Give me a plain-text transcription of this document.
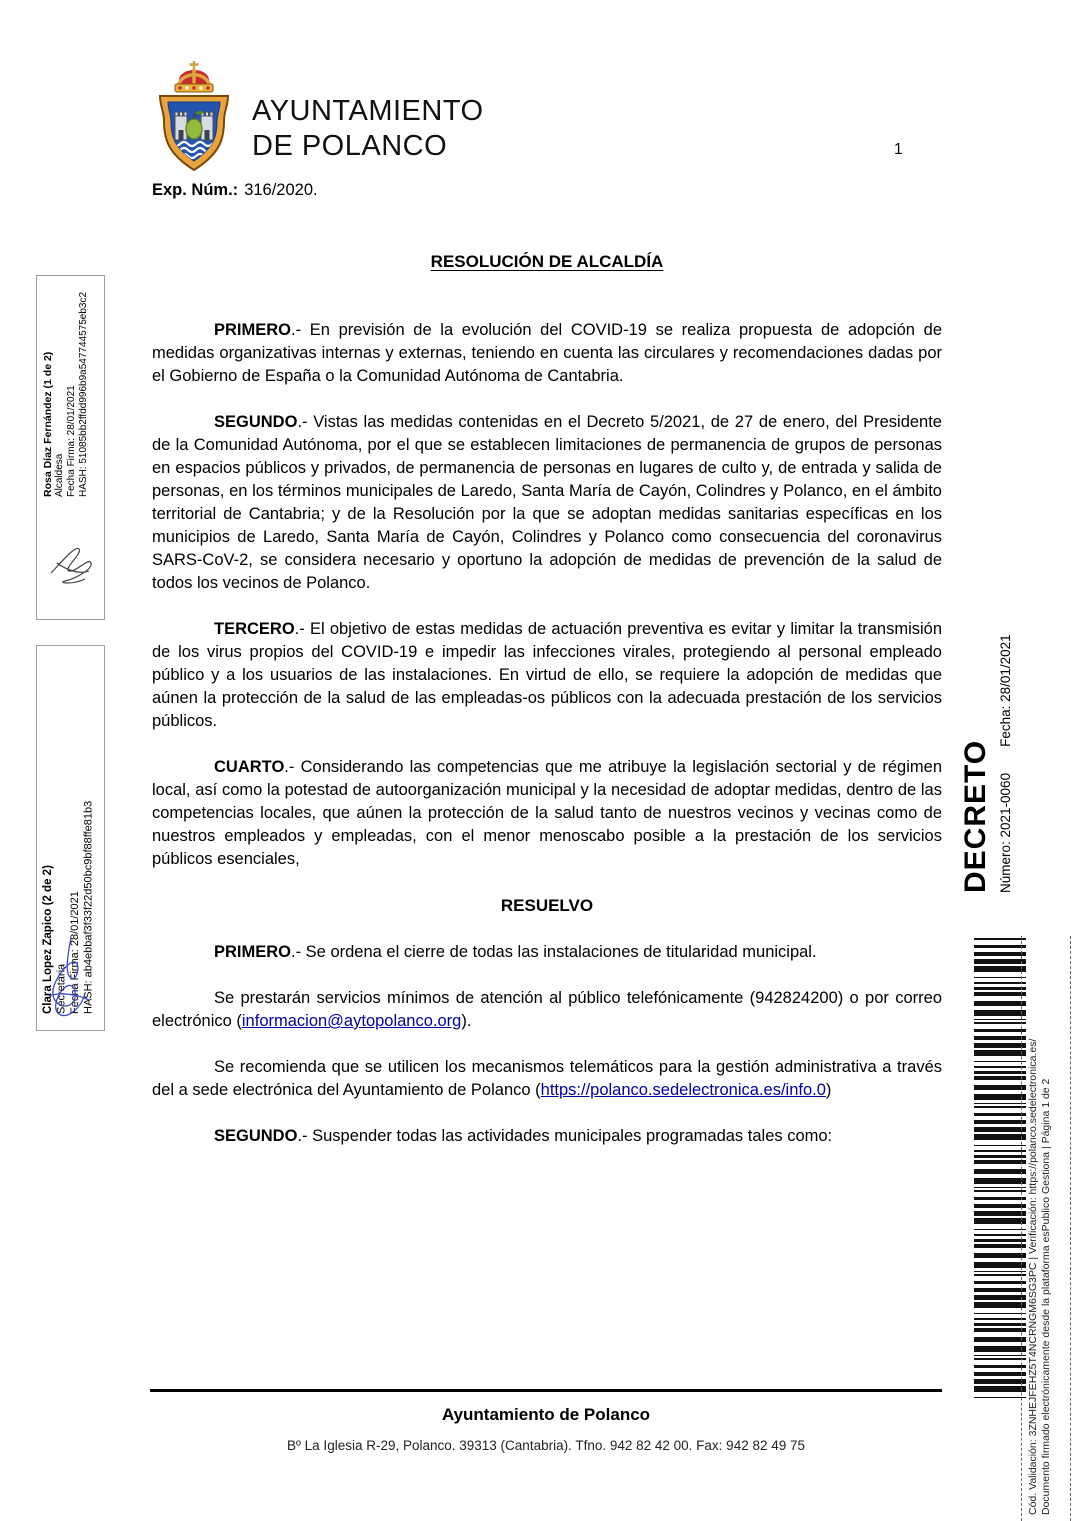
AYUNTAMIENTO
DE POLANCO	1
Exp. Núm.: 316/2020.
RESOLUCIÓN DE ALCALDÍA

PRIMERO.- En previsión de la evolución del COVID-19 se realiza propuesta de adopción de medidas organizativas internas y externas, teniendo en cuenta las circulares y recomendaciones dadas por el Gobierno de España o la Comunidad Autónoma de Cantabria.

SEGUNDO.- Vistas las medidas contenidas en el Decreto 5/2021, de 27 de enero, del Presidente de la Comunidad Autónoma, por el que se establecen limitaciones de permanencia de grupos de personas en espacios públicos y privados, de permanencia de personas en lugares de culto y, de entrada y salida de personas, en los términos municipales de Laredo, Santa María de Cayón, Colindres y Polanco, en el ámbito territorial de Cantabria; y de la Resolución por la que se adoptan medidas sanitarias específicas en los municipios de Laredo, Santa María de Cayón, Colindres y Polanco como consecuencia del coronavirus SARS-CoV-2, se considera necesario y oportuno la adopción de medidas de prevención de la salud de todos los vecinos de Polanco.

TERCERO.- El objetivo de estas medidas de actuación preventiva es evitar y limitar la transmisión de los virus propios del COVID-19 e impedir las infecciones virales, protegiendo al personal empleado público y a los usuarios de las instalaciones. En virtud de ello, se requiere la adopción de medidas que aúnen la protección de la salud de las empleadas-os públicos con la adecuada prestación de los servicios públicos.

CUARTO.- Considerando las competencias que me atribuye la legislación sectorial y de régimen local, así como la potestad de autoorganización municipal y la necesidad de adoptar medidas, dentro de las competencias locales, que aúnen la protección de la salud tanto de nuestros vecinos y vecinas como de nuestros empleados y empleadas, con el menor menoscabo posible a la prestación de los servicios públicos esenciales,

RESUELVO

PRIMERO.- Se ordena el cierre de todas las instalaciones de titularidad municipal.

Se prestarán servicios mínimos de atención al público telefónicamente (942824200) o por correo electrónico (informacion@aytopolanco.org).

Se recomienda que se utilicen los mecanismos telemáticos para la gestión administrativa a través del a sede electrónica del Ayuntamiento de Polanco (https://polanco.sedelectronica.es/info.0)

SEGUNDO.- Suspender todas las actividades municipales programadas tales como:

Ayuntamiento de Polanco
Bº La Iglesia R-29, Polanco. 39313 (Cantabria). Tfno. 942 82 42 00. Fax: 942 82 49 75
Rosa Díaz Fernández (1 de 2) Alcaldesa Fecha Firma: 28/01/2021 HASH: 51085bb2ffdd996b9a547744575eb3c2
Clara Lopez Zapico (2 de 2) Secretaria Fecha Firma: 28/01/2021 HASH: ab4ebbaf3f33f22d50bc9bf88ffe81b3	DECRETO Número: 2021-0060Fecha: 28/01/2021
Cód. Validación: 3ZNHEJFEHZ5T4NCRNGM6SG3PC | Verificación: https://polanco.sedelectronica.es/ Documento firmado electrónicamente desde la plataforma esPublico Gestiona | Página 1 de 2
